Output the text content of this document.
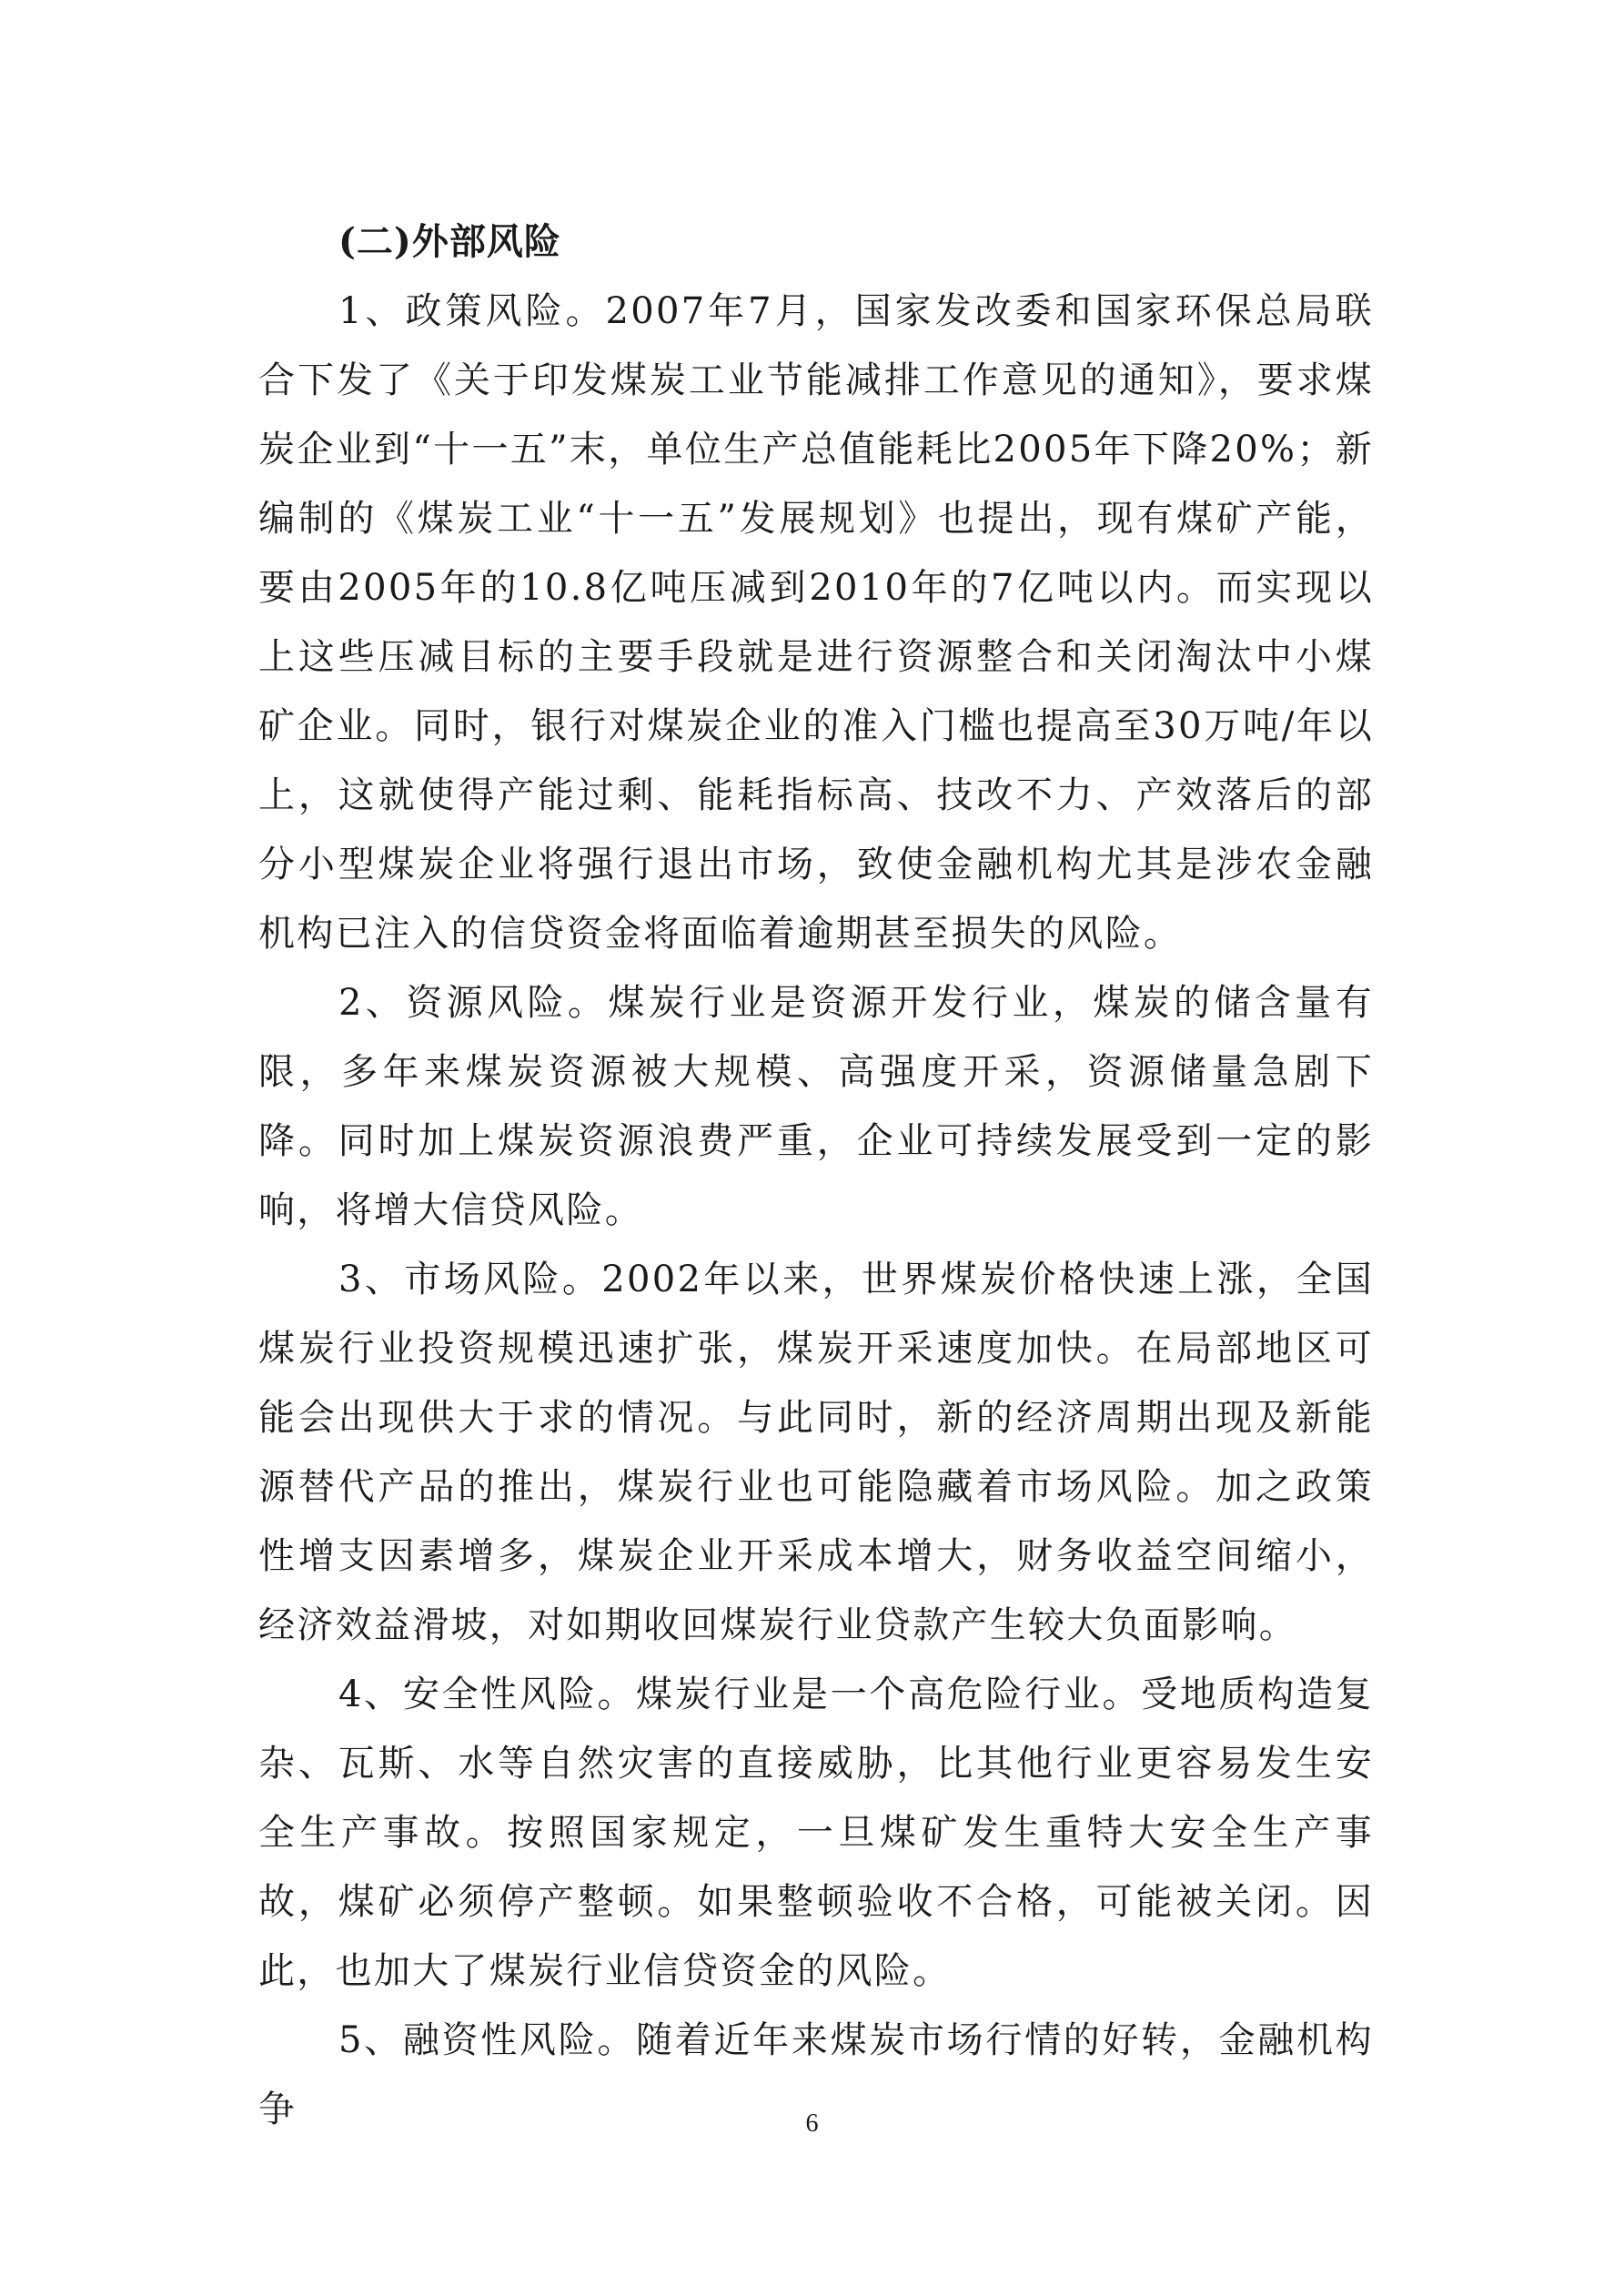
(二)外部风险

1、政策风险。2007年7月，国家发改委和国家环保总局联合下发了《关于印发煤炭工业节能减排工作意见的通知》，要求煤炭企业到“十一五”末，单位生产总值能耗比2005年下降20%；新编制的《煤炭工业“十一五”发展规划》也提出，现有煤矿产能，要由2005年的10.8亿吨压减到2010年的7亿吨以内。而实现以上这些压减目标的主要手段就是进行资源整合和关闭淘汰中小煤矿企业。同时，银行对煤炭企业的准入门槛也提高至30万吨/年以上，这就使得产能过剩、能耗指标高、技改不力、产效落后的部分小型煤炭企业将强行退出市场，致使金融机构尤其是涉农金融机构已注入的信贷资金将面临着逾期甚至损失的风险。

2、资源风险。煤炭行业是资源开发行业，煤炭的储含量有限，多年来煤炭资源被大规模、高强度开采，资源储量急剧下降。同时加上煤炭资源浪费严重，企业可持续发展受到一定的影响，将增大信贷风险。

3、市场风险。2002年以来，世界煤炭价格快速上涨，全国煤炭行业投资规模迅速扩张，煤炭开采速度加快。在局部地区可能会出现供大于求的情况。与此同时，新的经济周期出现及新能源替代产品的推出，煤炭行业也可能隐藏着市场风险。加之政策性增支因素增多，煤炭企业开采成本增大，财务收益空间缩小，经济效益滑坡，对如期收回煤炭行业贷款产生较大负面影响。

4、安全性风险。煤炭行业是一个高危险行业。受地质构造复杂、瓦斯、水等自然灾害的直接威胁，比其他行业更容易发生安全生产事故。按照国家规定，一旦煤矿发生重特大安全生产事故，煤矿必须停产整顿。如果整顿验收不合格，可能被关闭。因此，也加大了煤炭行业信贷资金的风险。

5、融资性风险。随着近年来煤炭市场行情的好转，金融机构争	6
